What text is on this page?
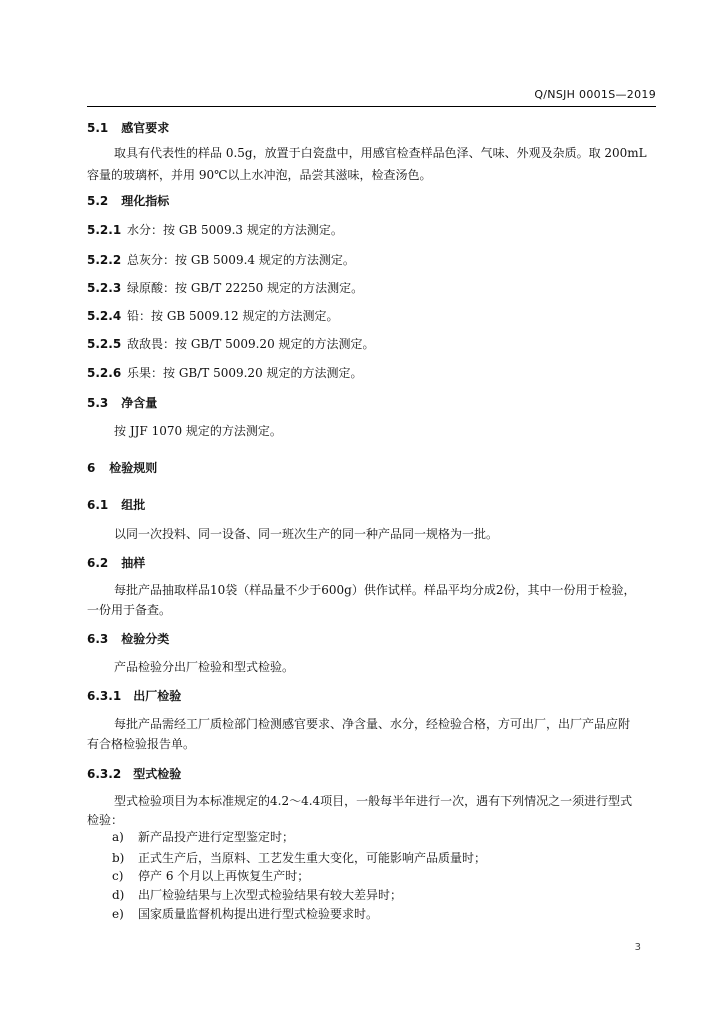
Q/NSJH 0001S—2019
5.1 感官要求
取具有代表性的样品 0.5g，放置于白瓷盘中，用感官检查样品色泽、气味、外观及杂质。取 200mL
容量的玻璃杯，并用 90℃以上水冲泡，品尝其滋味，检查汤色。
5.2 理化指标
5.2.1 水分：按 GB 5009.3 规定的方法测定。
5.2.2 总灰分：按 GB 5009.4 规定的方法测定。
5.2.3 绿原酸：按 GB/T 22250 规定的方法测定。
5.2.4 铅：按 GB 5009.12 规定的方法测定。
5.2.5 敌敌畏：按 GB/T 5009.20 规定的方法测定。
5.2.6 乐果：按 GB/T 5009.20 规定的方法测定。
5.3 净含量
按 JJF 1070 规定的方法测定。
6 检验规则
6.1 组批
以同一次投料、同一设备、同一班次生产的同一种产品同一规格为一批。
6.2 抽样
每批产品抽取样品10袋（样品量不少于600g）供作试样。样品平均分成2份，其中一份用于检验，
一份用于备查。
6.3 检验分类
产品检验分出厂检验和型式检验。
6.3.1 出厂检验
每批产品需经工厂质检部门检测感官要求、净含量、水分，经检验合格，方可出厂，出厂产品应附
有合格检验报告单。
6.3.2 型式检验
型式检验项目为本标准规定的4.2～4.4项目，一般每半年进行一次，遇有下列情况之一须进行型式
检验：
a) 新产品投产进行定型鉴定时；
b) 正式生产后，当原料、工艺发生重大变化，可能影响产品质量时；
c) 停产 6 个月以上再恢复生产时；
d) 出厂检验结果与上次型式检验结果有较大差异时；
e) 国家质量监督机构提出进行型式检验要求时。
3
